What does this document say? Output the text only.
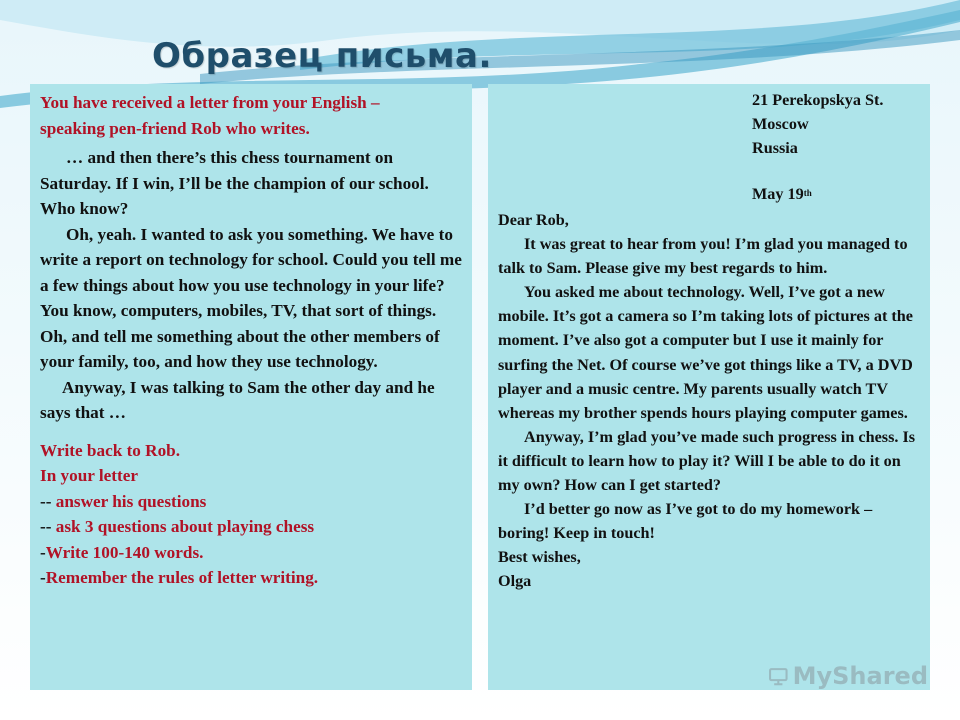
Образец письма.
You have received a letter from your English –
speaking pen-friend Rob who writes.

… and then there’s this chess tournament on Saturday. If I win, I’ll be the champion of our school. Who know?

Oh, yeah. I wanted to ask you something. We have to write a report on technology for school. Could you tell me a few things about how you use technology in your life? You know, computers, mobiles, TV, that sort of things. Oh, and tell me something about the other members of your family, too, and how they use technology.

Anyway, I was talking to Sam the other day and he says that …

Write back to Rob.
In your letter
-- answer his questions
-- ask 3 questions about playing chess
-Write 100-140 words.
-Remember the rules of letter writing.
21 Perekopskya St.
Moscow
Russia
May 19th
Dear Rob,

It was great to hear from you! I’m glad you managed to talk to Sam. Please give my best regards to him.

You asked me about technology. Well, I’ve got a new mobile. It’s got a camera so I’m taking lots of pictures at the moment. I’ve also got a computer but I use it mainly for surfing the Net. Of course we’ve got things like a TV, a DVD player and a music centre. My parents usually watch TV whereas my brother spends hours playing computer games.

Anyway, I’m glad you’ve made such progress in chess. Is it difficult to learn how to play it? Will I be able to do it on my own? How can I get started?

I’d better go now as I’ve got to do my homework – boring! Keep in touch!

Best wishes,
Olga
MyShared
